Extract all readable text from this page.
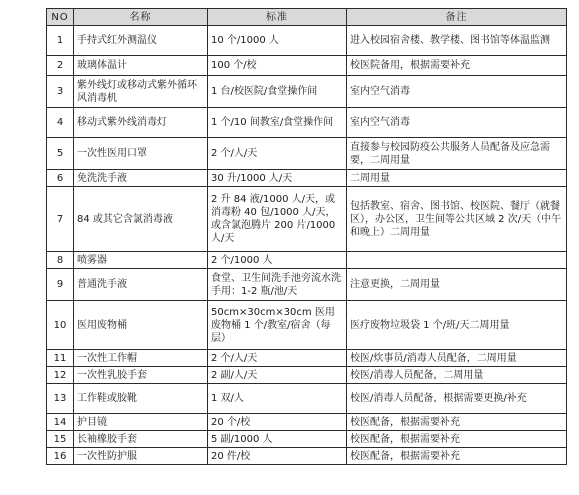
NO	名称	标准	备注
1	手持式红外测温仪	10 个/1000 人	进入校园宿舍楼、教学楼、图书馆等体温监测
2	玻璃体温计	100 个/校	校医院备用，根据需要补充
3	紫外线灯或移动式紫外循环风消毒机	1 台/校医院/食堂操作间	室内空气消毒
4	移动式紫外线消毒灯	1 个/10 间教室/食堂操作间	室内空气消毒
5	一次性医用口罩	2 个/人/天	直接参与校园防疫公共服务人员配备及应急需要，二周用量
6	免洗洗手液	30 升/1000 人/天	二周用量
7	84 或其它含氯消毒液	2 升 84 液/1000 人/天，或消毒粉 40 包/1000 人/天，或含氯泡腾片 200 片/1000 人/天	包括教室、宿舍、图书馆、校医院、餐厅（就餐区），办公区，卫生间等公共区域 2 次/天（中午和晚上）二周用量
8	喷雾器	2 个/1000 人	
9	普通洗手液	食堂、卫生间洗手池旁流水洗手用：1-2 瓶/池/天	注意更换，二周用量
10	医用废物桶	50cm×30cm×30cm 医用废物桶 1 个/教室/宿舍（每层）	医疗废物垃圾袋 1 个/班/天二周用量
11	一次性工作帽	2 个/人/天	校医/炊事员/消毒人员配备，二周用量
12	一次性乳胶手套	2 副/人/天	校医/消毒人员配备，二周用量
13	工作鞋或胶靴	1 双/人	校医/消毒人员配备，根据需要更换/补充
14	护目镜	20 个/校	校医配备，根据需要补充
15	长袖橡胶手套	5 副/1000 人	校医配备，根据需要补充
16	一次性防护服	20 件/校	校医配备，根据需要补充
